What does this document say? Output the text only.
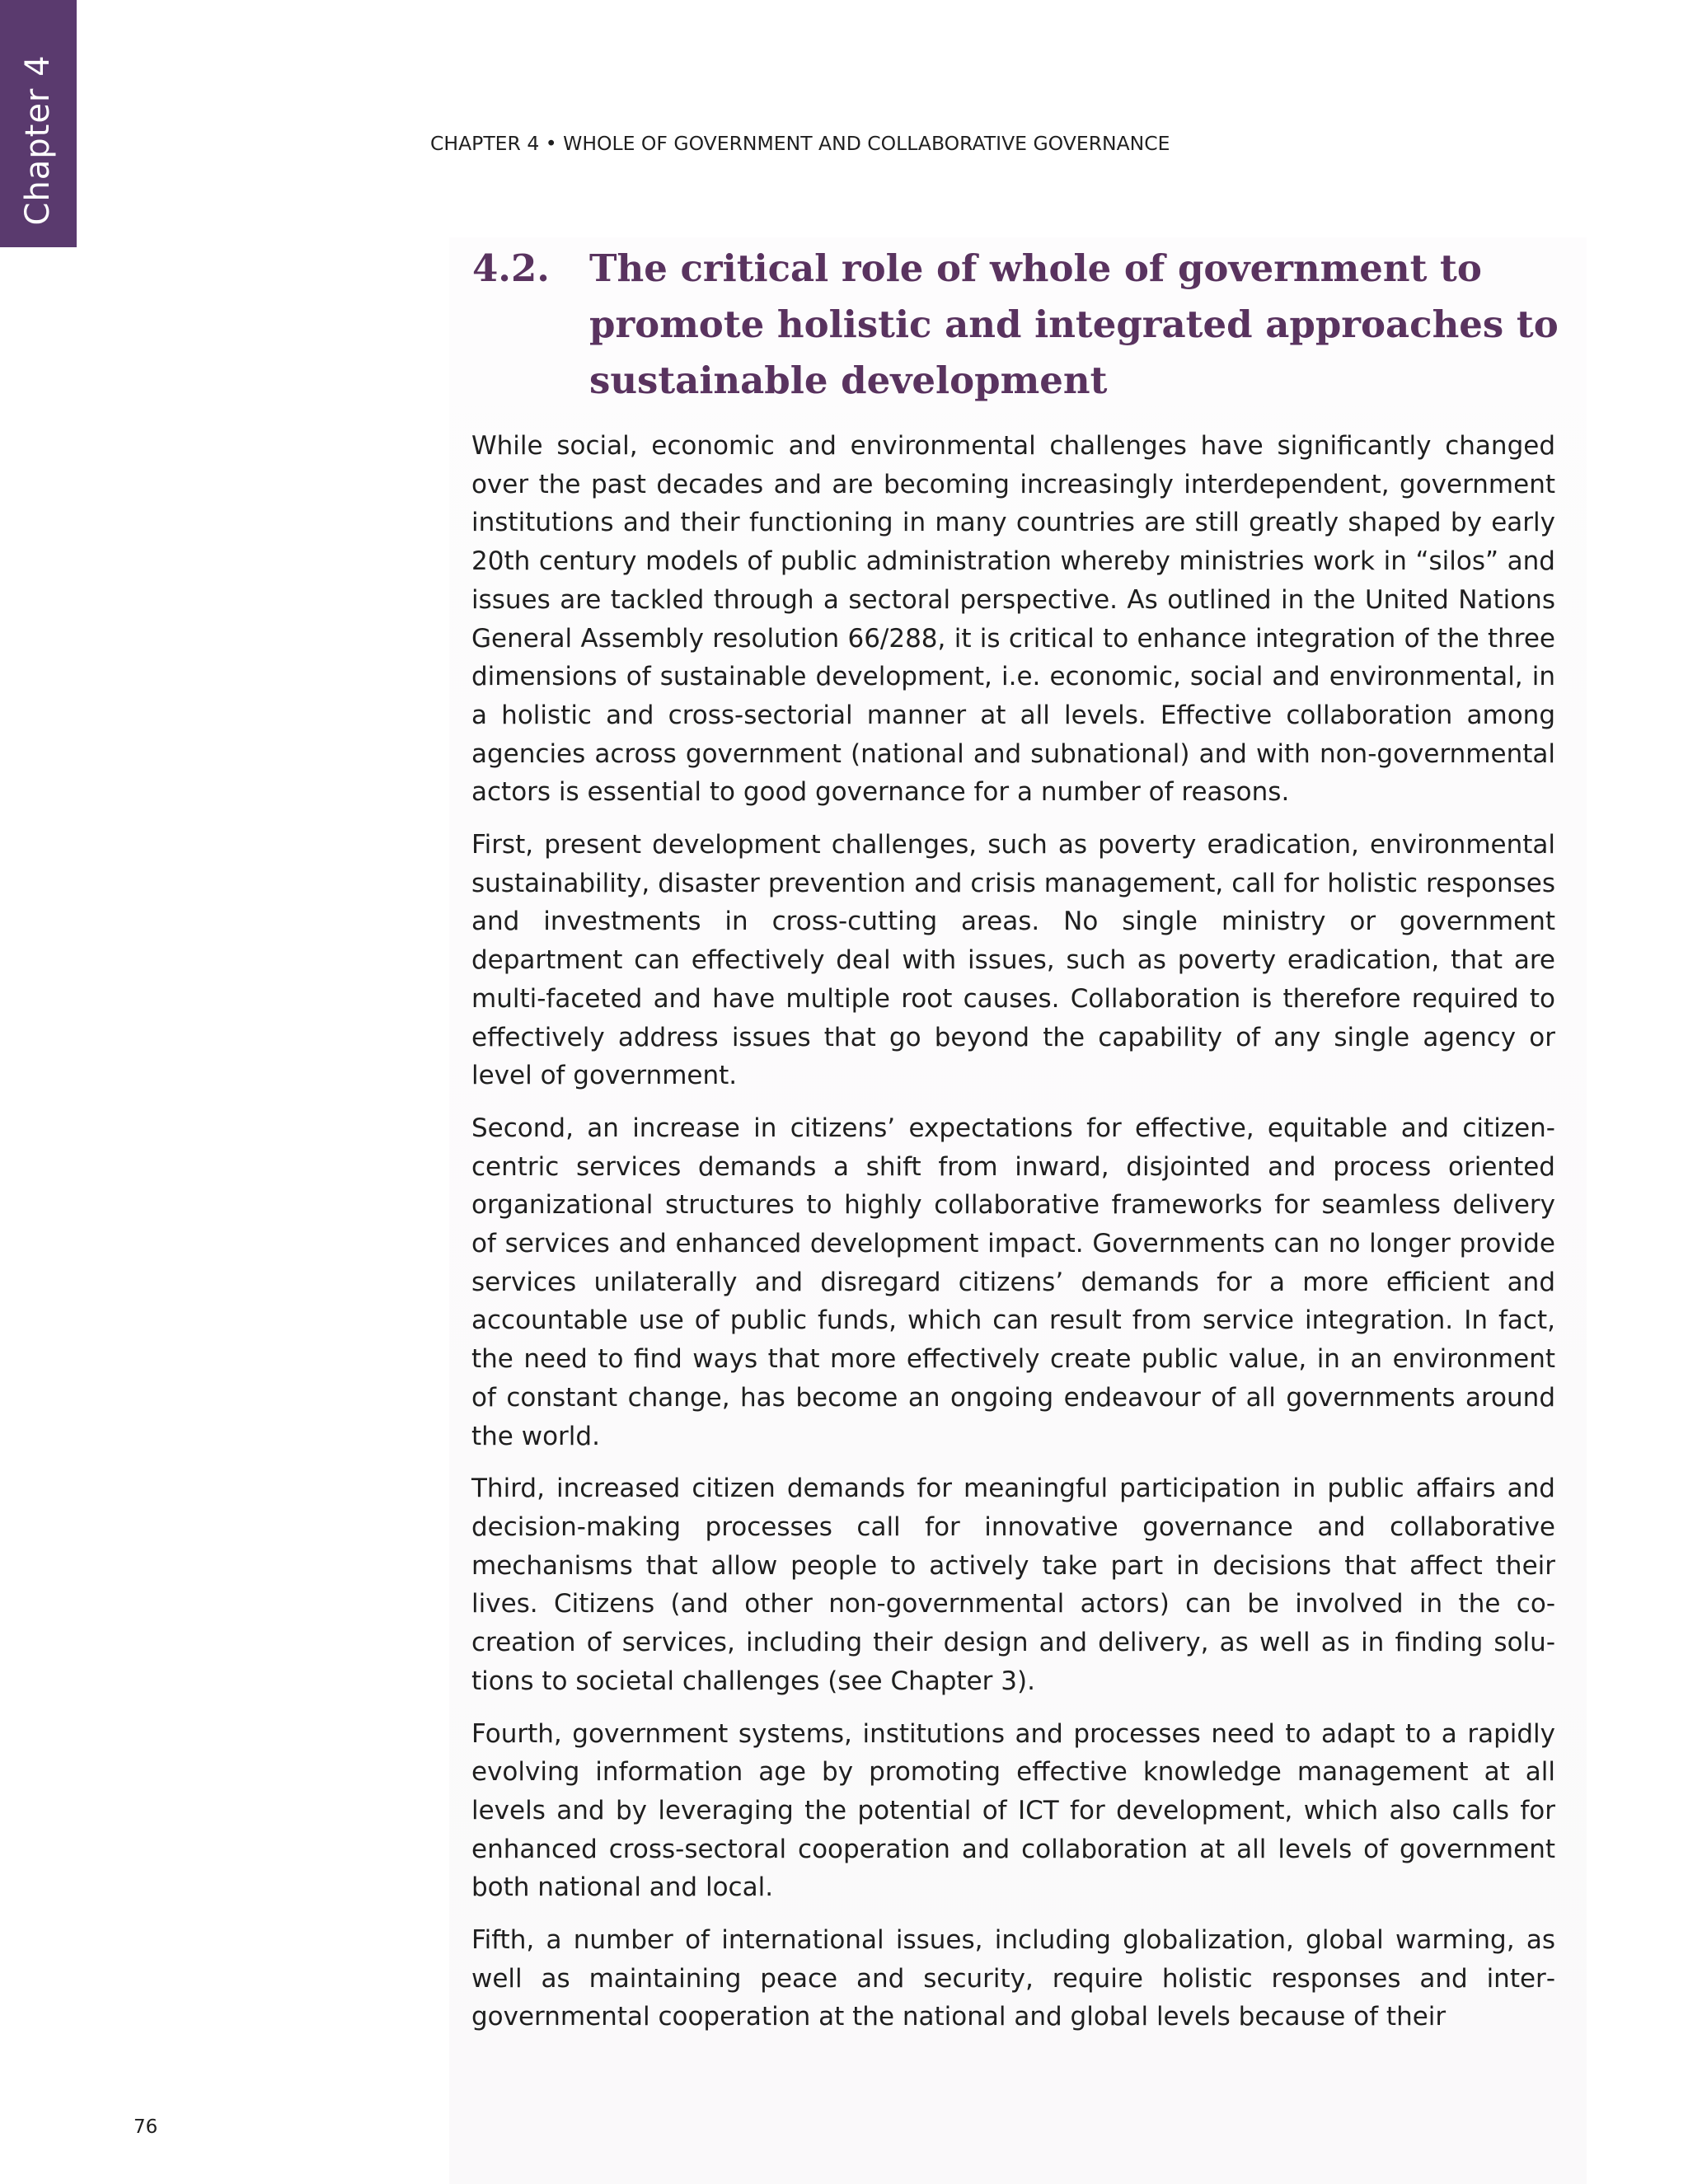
Chapter 4	CHAPTER 4 • WHOLE OF GOVERNMENT AND COLLABORATIVE GOVERNANCE
4.2. The critical role of whole of government to promote holistic and integrated approaches to sustainable development

While social, economic and environmental challenges have significantly changed over the past decades and are becoming increasingly interdependent, government institutions and their functioning in many countries are still greatly shaped by early 20th century models of public administration whereby ministries work in “silos” and issues are tackled through a sectoral perspective. As outlined in the United Nations General Assembly resolution 66/288, it is critical to enhance integration of the three dimensions of sustainable development, i.e. economic, social and environmental, in a holistic and cross-sectorial manner at all levels. Effective collaboration among agencies across government (national and subnational) and with non-governmental actors is essential to good governance for a number of reasons.

First, present development challenges, such as poverty eradication, environmental sustainability, disaster prevention and crisis management, call for holistic responses and investments in cross-cutting areas. No single ministry or government department can effectively deal with issues, such as poverty eradication, that are multi-faceted and have multiple root causes. Collaboration is therefore required to effectively address issues that go beyond the capability of any single agency or level of government.

Second, an increase in citizens’ expectations for effective, equitable and citizen-centric services demands a shift from inward, disjointed and process oriented organizational structures to highly collaborative frameworks for seamless delivery of services and enhanced development impact. Governments can no longer provide services unilaterally and disregard citizens’ demands for a more efficient and accountable use of public funds, which can result from service integration. In fact, the need to find ways that more effectively create public value, in an environment of constant change, has become an ongoing endeavour of all governments around the world.

Third, increased citizen demands for meaningful participation in public affairs and decision-making processes call for innovative governance and collaborative mechanisms that allow people to actively take part in decisions that affect their lives. Citizens (and other non-governmental actors) can be involved in the cocreation of services, including their design and delivery, as well as in finding solutions to societal challenges (see Chapter 3).

Fourth, government systems, institutions and processes need to adapt to a rapidly evolving information age by promoting effective knowledge management at all levels and by leveraging the potential of ICT for development, which also calls for enhanced cross-sectoral cooperation and collaboration at all levels of government both national and local.

Fifth, a number of international issues, including globalization, global warming, as well as maintaining peace and security, require holistic responses and intergovernmental cooperation at the national and global levels because of their

76
